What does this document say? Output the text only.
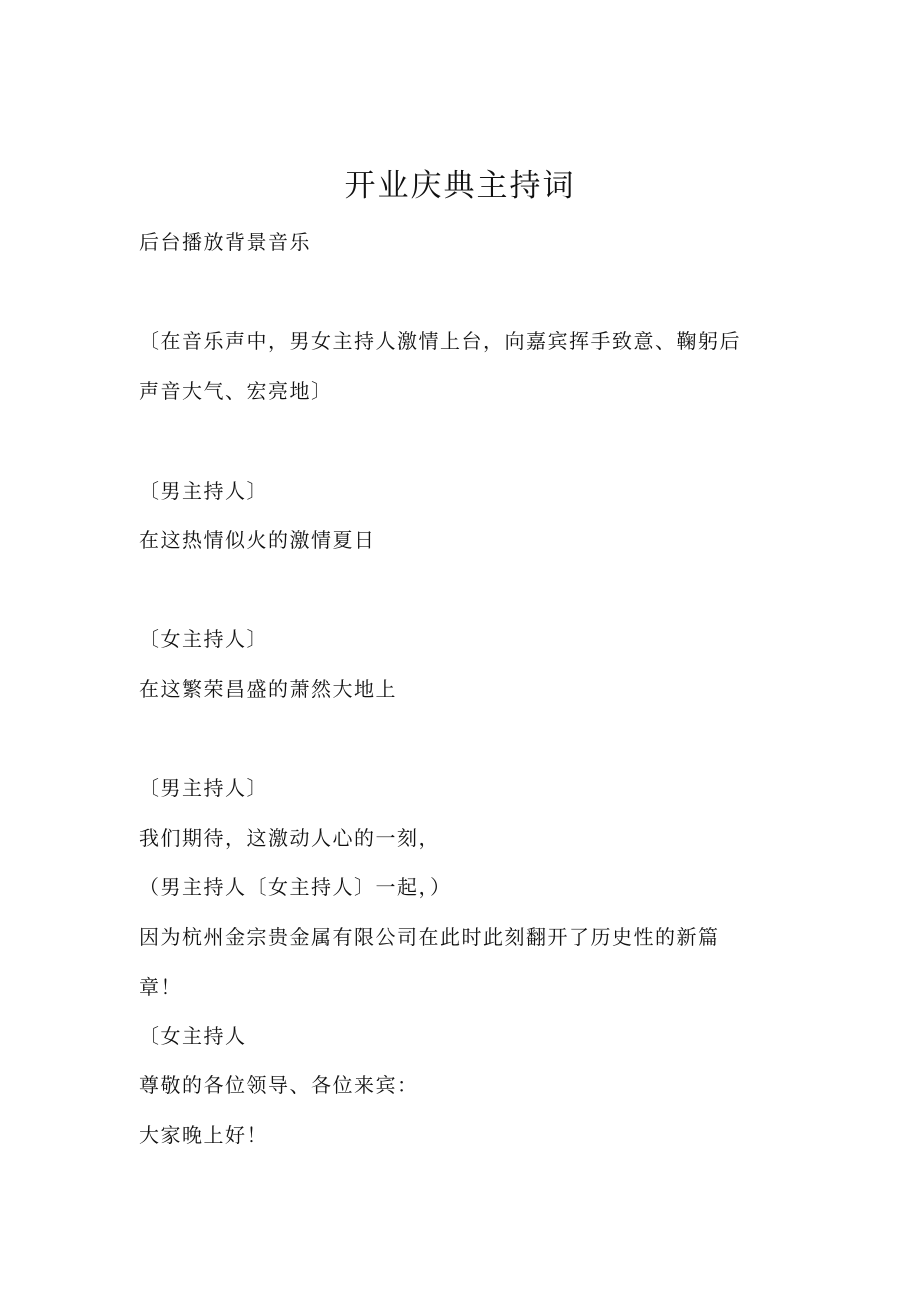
开业庆典主持词
后台播放背景音乐
〔在音乐声中，男女主持人激情上台，向嘉宾挥手致意、鞠躬后
声音大气、宏亮地〕
〔男主持人〕
在这热情似火的激情夏日
〔女主持人〕
在这繁荣昌盛的萧然大地上
〔男主持人〕
我们期待，这激动人心的一刻，
（男主持人〔女主持人〕一起，）
因为杭州金宗贵金属有限公司在此时此刻翻开了历史性的新篇
章！
〔女主持人
尊敬的各位领导、各位来宾：
大家晚上好！
